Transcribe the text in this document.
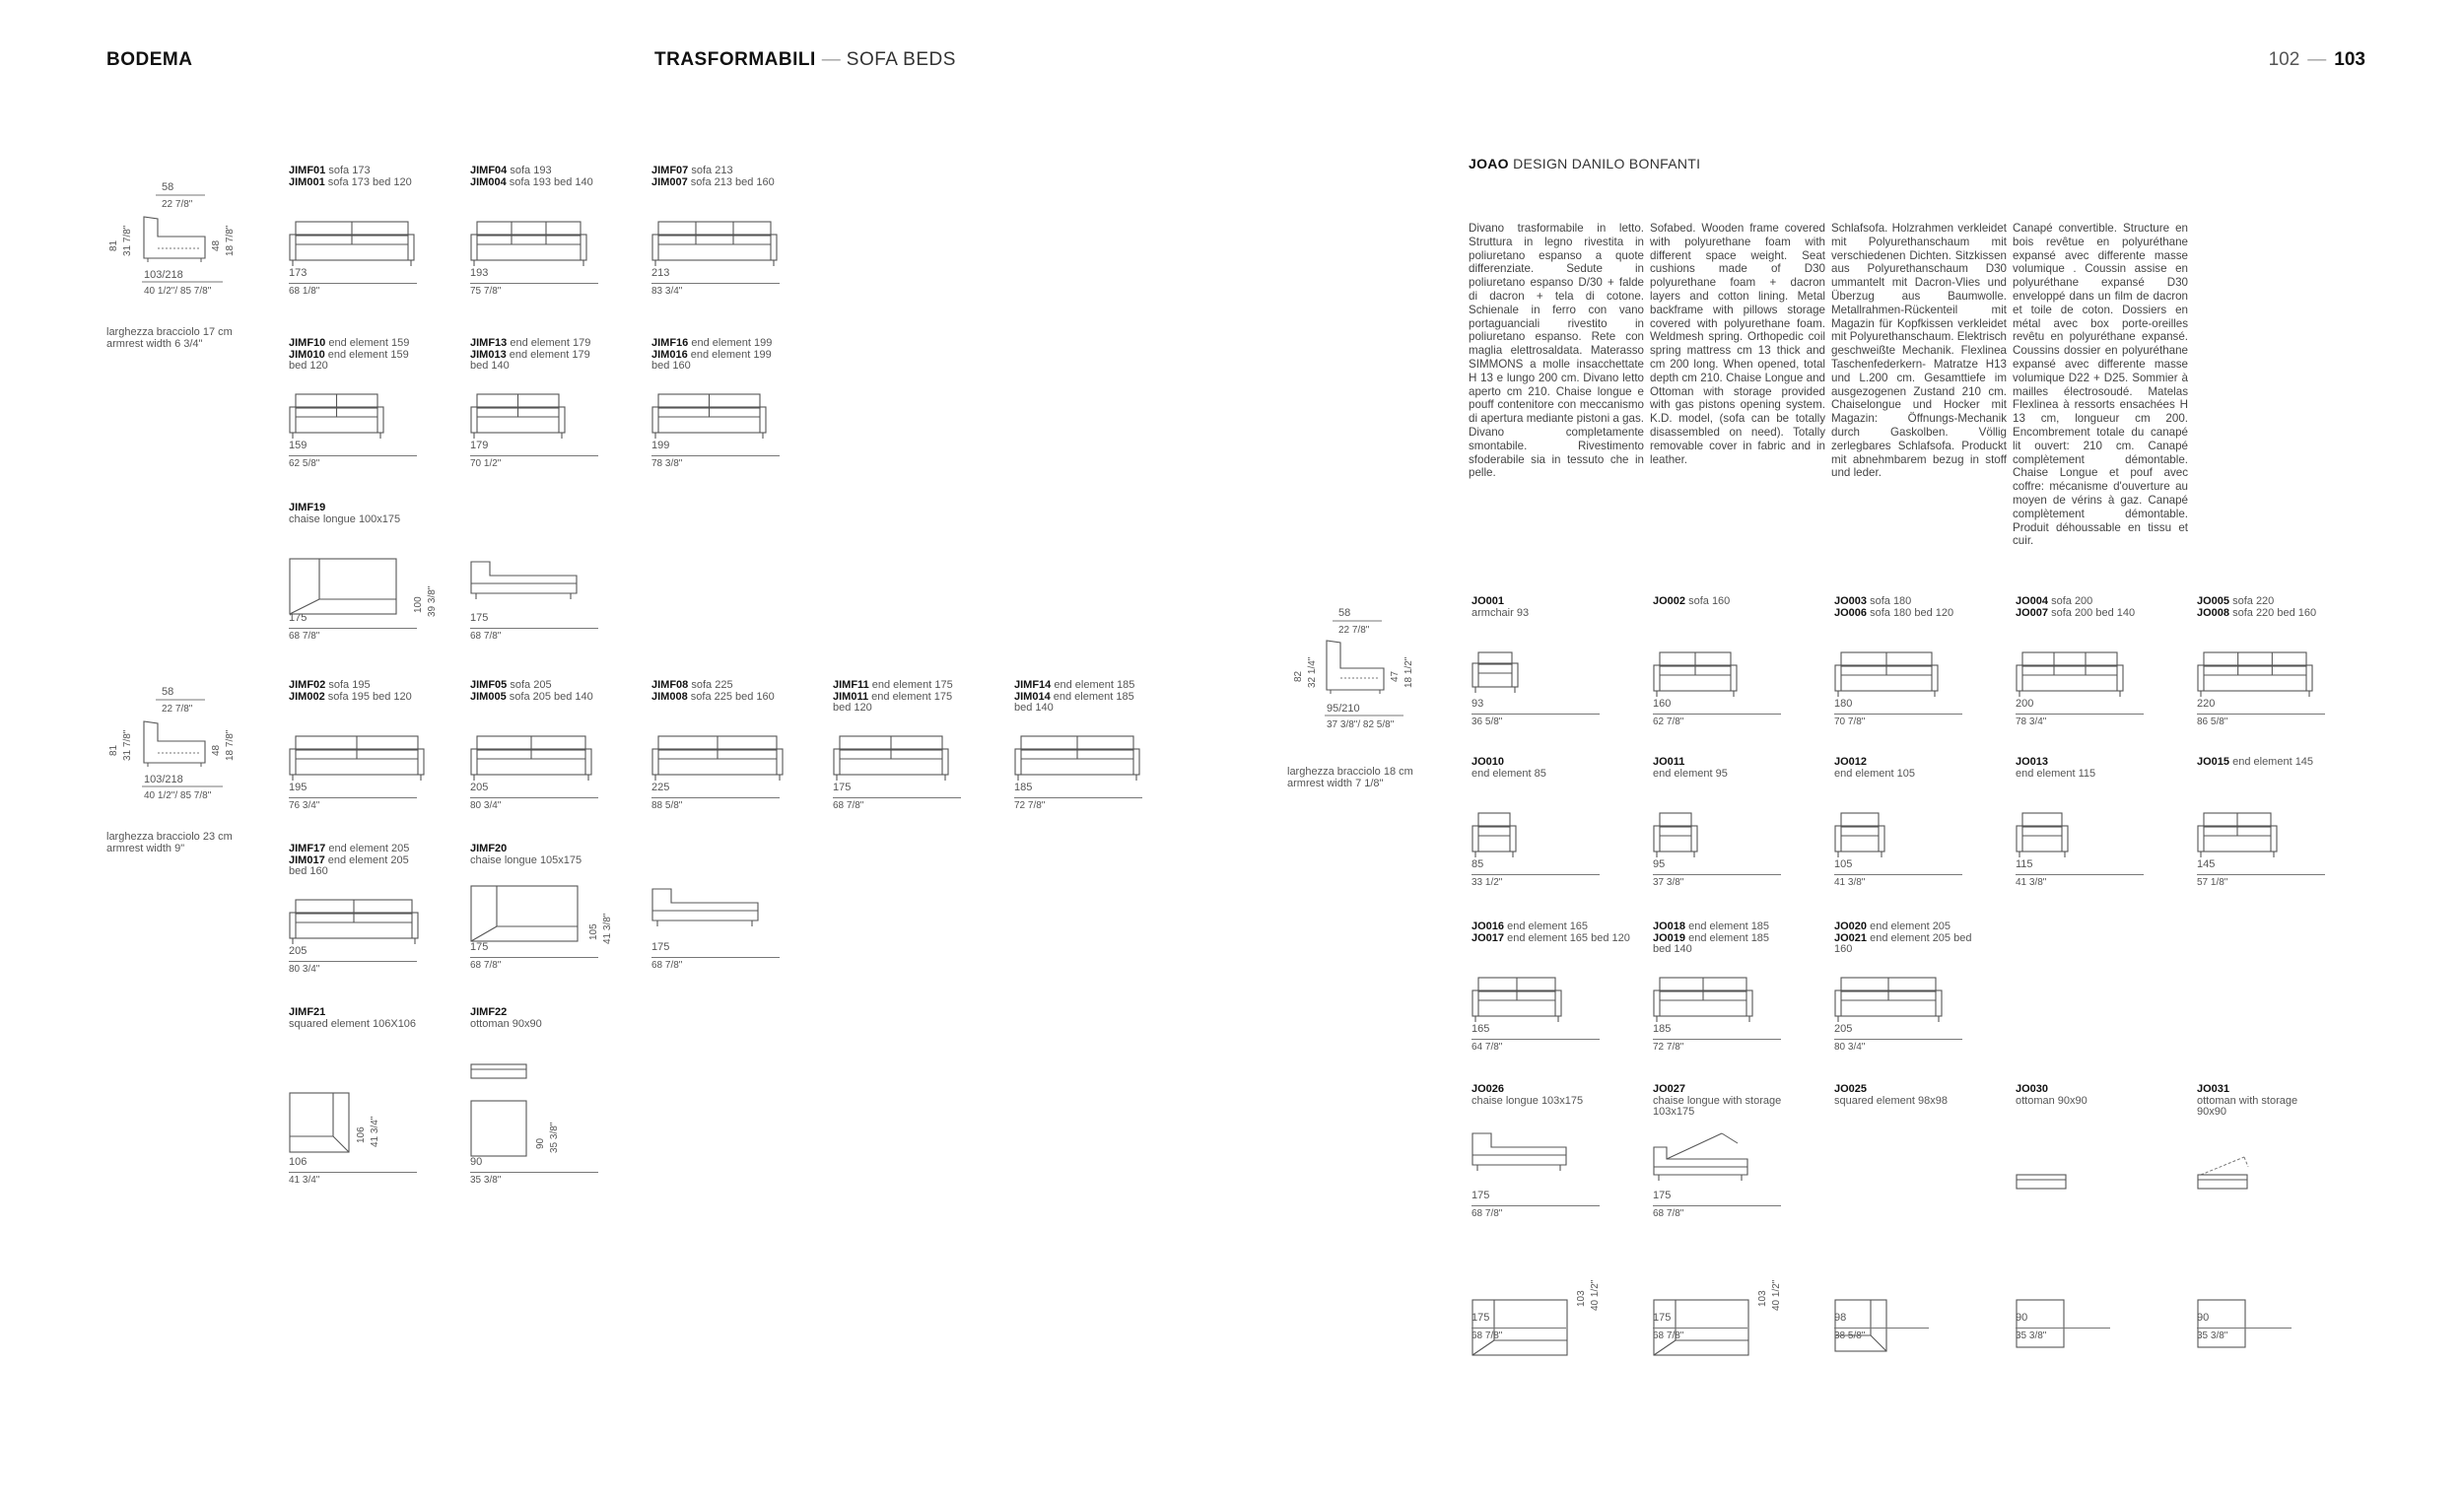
BODEMA	TRASFORMABILI — SOFA BEDS	102 — 103
58
22 7/8"
81 31 7/8"	48 18 7/8"
103/218
40 1/2"/ 85 7/8"
larghezza bracciolo 17 cm
armrest width 6 3/4"
58
22 7/8"
81 31 7/8"	48 18 7/8"
103/218
40 1/2"/ 85 7/8"
larghezza bracciolo 23 cm
armrest width 9"
JIMF01 sofa 173
JIM001 sofa 173 bed 120
173
68 1/8"
JIMF04 sofa 193
JIM004 sofa 193 bed 140
193
75 7/8"
JIMF07 sofa 213
JIM007 sofa 213 bed 160
213
83 3/4"
JIMF10 end element 159
JIM010 end element 159
bed 120
159
62 5/8"
JIMF13 end element 179
JIM013 end element 179
bed 140
179
70 1/2"
JIMF16 end element 199
JIM016 end element 199
bed 160
199
78 3/8"
JIMF19
chaise longue 100x175
100 39 3/8"
175
68 7/8"
175
68 7/8"
JIMF02 sofa 195
JIM002 sofa 195 bed 120
195
76 3/4"
JIMF05 sofa 205
JIM005 sofa 205 bed 140
205
80 3/4"
JIMF08 sofa 225
JIM008 sofa 225 bed 160
225
88 5/8"
JIMF11 end element 175
JIM011 end element 175
bed 120
175
68 7/8"
JIMF14 end element 185
JIM014 end element 185
bed 140
185
72 7/8"
JIMF17 end element 205
JIM017 end element 205
bed 160
205
80 3/4"
JIMF20
chaise longue 105x175
105 41 3/8"
175
68 7/8"
175
68 7/8"
JIMF21
squared element 106X106
106 41 3/4"
106
41 3/4"
JIMF22
ottoman 90x90
90 35 3/8"
90
35 3/8"
JOAO DESIGN DANILO BONFANTI
Divano trasformabile in letto. Struttura in legno rivestita in poliuretano espanso a quote differenziate. Sedute in poliuretano espanso D/30 + falde di dacron + tela di cotone. Schienale in ferro con vano portaguanciali rivestito in poliuretano espanso. Rete con maglia elettrosaldata. Materasso SIMMONS a molle insacchettate H 13 e lungo 200 cm. Divano letto aperto cm 210. Chaise longue e pouff contenitore con meccanismo di apertura mediante pistoni a gas. Divano completamente smontabile. Rivestimento sfoderabile sia in tessuto che in pelle.
Sofabed. Wooden frame covered with polyurethane foam with different space weight. Seat cushions made of D30 polyurethane foam + dacron layers and cotton lining. Metal backframe with pillows storage covered with polyurethane foam. Weldmesh spring. Orthopedic coil spring mattress cm 13 thick and cm 200 long. When opened, total depth cm 210. Chaise Longue and Ottoman with storage provided with gas pistons opening system. K.D. model, (sofa can be totally disassembled on need). Totally removable cover in fabric and in leather.
Schlafsofa. Holzrahmen verkleidet mit Polyurethanschaum mit verschiedenen Dichten. Sitzkissen aus Polyurethanschaum D30 ummantelt mit Dacron-Vlies und Überzug aus Baumwolle. Metallrahmen-Rückenteil mit Magazin für Kopfkissen verkleidet mit Polyurethanschaum. Elektrisch geschweißte Mechanik. Flexlinea Taschenfederkern- Matratze H13 und L.200 cm. Gesamttiefe im ausgezogenen Zustand 210 cm. Chaiselongue und Hocker mit Magazin: Öffnungs-Mechanik durch Gaskolben. Völlig zerlegbares Schlafsofa. Produckt mit abnehmbarem bezug in stoff und leder.
Canapé convertible. Structure en bois revêtue en polyuréthane expansé avec differente masse volumique . Coussin assise en polyuréthane expansé D30 enveloppé dans un film de dacron et toile de coton. Dossiers en métal avec box porte-oreilles revêtu en polyuréthane expansé. Coussins dossier en polyuréthane expansé avec differente masse volumique D22 + D25. Sommier à mailles électrosoudé. Matelas Flexlinea à ressorts ensachées H 13 cm, longueur cm 200. Encombrement totale du canapé lit ouvert: 210 cm. Canapé complètement démontable. Chaise Longue et pouf avec coffre: mécanisme d'ouverture au moyen de vérins à gaz. Canapé complètement démontable. Produit déhoussable en tissu et cuir.
58
22 7/8"
82 32 1/4"	47 18 1/2"
95/210
37 3/8"/ 82 5/8"
larghezza bracciolo 18 cm
armrest width 7 1/8"
JO001
armchair 93
93
36 5/8"
JO002 sofa 160
160
62 7/8"
JO003 sofa 180
JO006 sofa 180 bed 120
180
70 7/8"
JO004 sofa 200
JO007 sofa 200 bed 140
200
78 3/4"
JO005 sofa 220
JO008 sofa 220 bed 160
220
86 5/8"
JO010
end element 85
85
33 1/2"
JO011
end element 95
95
37 3/8"
JO012
end element 105
105
41 3/8"
JO013
end element 115
115
41 3/8"
JO015 end element 145
145
57 1/8"
JO016 end element 165
JO017 end element 165 bed 120
165
64 7/8"
JO018 end element 185
JO019 end element 185
bed 140
185
72 7/8"
JO020 end element 205
JO021 end element 205 bed
160
205
80 3/4"
JO026
chaise longue 103x175
175
68 7/8"
JO027
chaise longue with storage
103x175
175
68 7/8"
JO025
squared element 98x98
JO030
ottoman 90x90
JO031
ottoman with storage
90x90
103 40 1/2"
175
68 7/8"
103 40 1/2"
175
68 7/8"
98
38 5/8"
90
35 3/8"
90
35 3/8"
